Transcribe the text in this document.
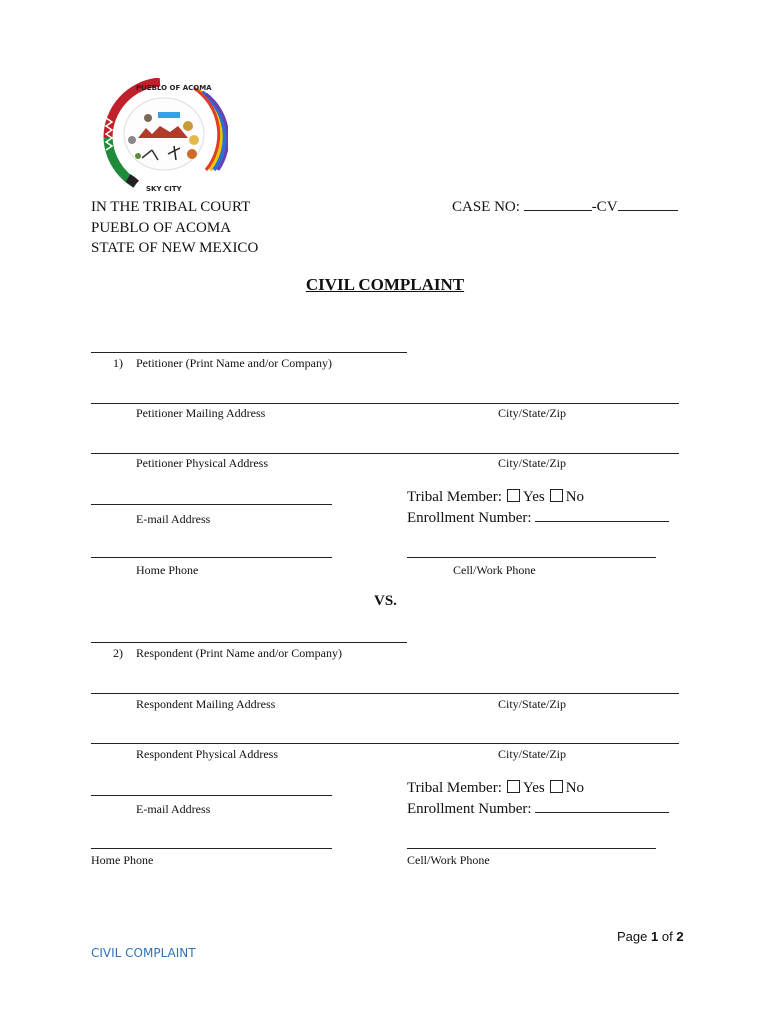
PUEBLO OF ACOMA
SKY CITY
IN THE TRIBAL COURT
PUEBLO OF ACOMA
STATE OF NEW MEXICO
CASE NO:	-CV
CIVIL COMPLAINT
1) Petitioner (Print Name and/or Company)
Petitioner Mailing Address	City/State/Zip
Petitioner Physical Address	City/State/Zip
E-mail Address
Tribal Member: Yes No
Enrollment Number:
Home Phone	Cell/Work Phone
VS.
2) Respondent (Print Name and/or Company)
Respondent Mailing Address	City/State/Zip
Respondent Physical Address	City/State/Zip
E-mail Address
Tribal Member: Yes No
Enrollment Number:
Home Phone	Cell/Work Phone
Page 1 of 2
CIVIL COMPLAINT
